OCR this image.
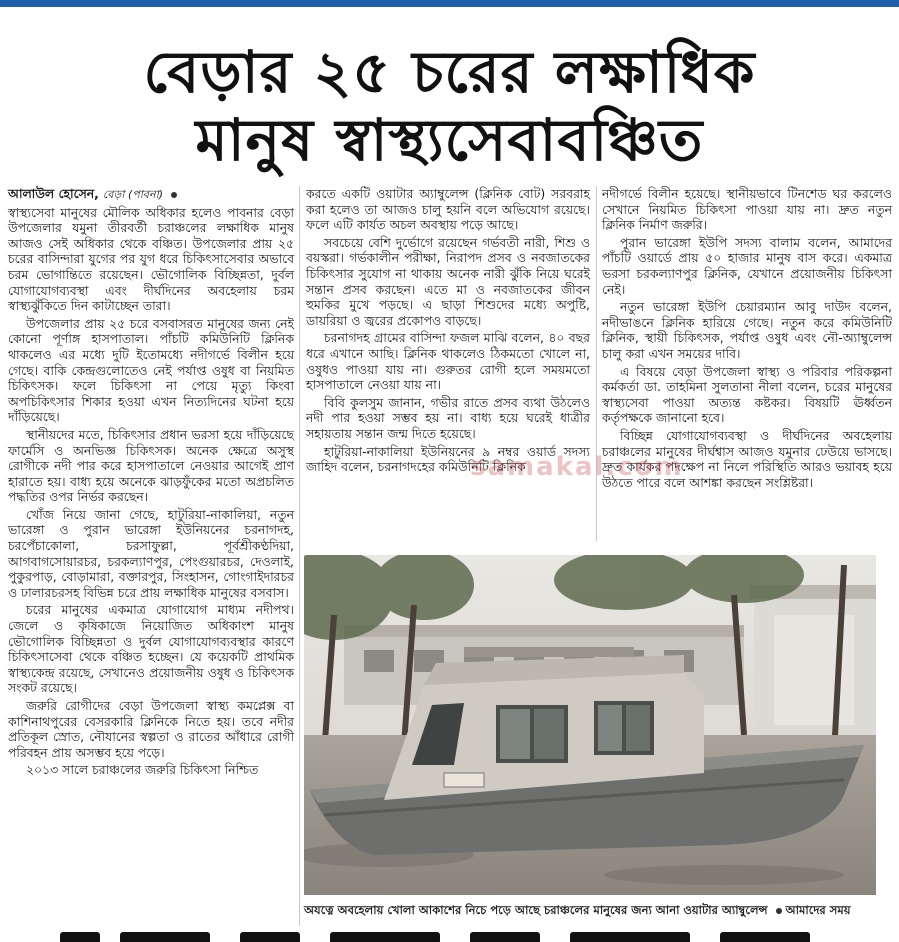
বেড়ার ২৫ চরের লক্ষাধিক
মানুষ স্বাস্থ্যসেবাবঞ্চিত

আলাউল হোসেন, বেড়া (পাবনা)

স্বাস্থ্যসেবা মানুষের মৌলিক অধিকার হলেও পাবনার বেড়া উপজেলার যমুনা তীরবর্তী চরাঞ্চলের লক্ষাধিক মানুষ আজও সেই অধিকার থেকে বঞ্চিত। উপজেলার প্রায় ২৫ চরের বাসিন্দারা যুগের পর যুগ ধরে চিকিৎসাসেবার অভাবে চরম ভোগান্তিতে রয়েছেন। ভৌগোলিক বিচ্ছিন্নতা, দুর্বল যোগাযোগব্যবস্থা এবং দীর্ঘদিনের অবহেলায় চরম স্বাস্থ্যঝুঁকিতে দিন কাটাচ্ছেন তারা।

উপজেলার প্রায় ২৫ চরে বসবাসরত মানুষের জন্য নেই কোনো পূর্ণাঙ্গ হাসপাতাল। পাঁচটি কমিউনিটি ক্লিনিক থাকলেও এর মধ্যে দুটি ইতোমধ্যে নদীগর্ভে বিলীন হয়ে গেছে। বাকি কেন্দ্রগুলোতেও নেই পর্যাপ্ত ওষুধ বা নিয়মিত চিকিৎসক। ফলে চিকিৎসা না পেয়ে মৃত্যু কিংবা অপচিকিৎসার শিকার হওয়া এখন নিত্যদিনের ঘটনা হয়ে দাঁড়িয়েছে।

স্থানীয়দের মতে, চিকিৎসার প্রধান ভরসা হয়ে দাঁড়িয়েছে ফার্মেসি ও অনভিজ্ঞ চিকিৎসক। অনেক ক্ষেত্রে অসুস্থ রোগীকে নদী পার করে হাসপাতালে নেওয়ার আগেই প্রাণ হারাতে হয়। বাধ্য হয়ে অনেকে ঝাড়ফুঁকের মতো অপ্রচলিত পদ্ধতির ওপর নির্ভর করছেন।

খোঁজ নিয়ে জানা গেছে, হাটুরিয়া-নাকালিয়া, নতুন ভারেঙ্গা ও পুরান ভারেঙ্গা ইউনিয়নের চরনাগদহ, চরপেঁচাকোলা, চরসাফুল্লা, পূর্বশ্রীকণ্ঠদিয়া, আগবাগসোয়ারচর, চরকল্যাণপুর, পেংগুয়ারচর, দেওলাই, পুকুরপাড়, বোড়ামারা, বক্তারপুর, সিংহাসন, গোংগাইদারচর ও ঢালারচরসহ বিভিন্ন চরে প্রায় লক্ষাধিক মানুষের বসবাস।

চরের মানুষের একমাত্র যোগাযোগ মাধ্যম নদীপথ। জেলে ও কৃষিকাজে নিয়োজিত অধিকাংশ মানুষ ভৌগোলিক বিচ্ছিন্নতা ও দুর্বল যোগাযোগব্যবস্থার কারণে চিকিৎসাসেবা থেকে বঞ্চিত হচ্ছেন। যে কয়েকটি প্রাথমিক স্বাস্থ্যকেন্দ্র রয়েছে, সেখানেও প্রয়োজনীয় ওষুধ ও চিকিৎসক সংকট রয়েছে।

জরুরি রোগীদের বেড়া উপজেলা স্বাস্থ্য কমপ্লেক্স বা কাশিনাথপুরের বেসরকারি ক্লিনিকে নিতে হয়। তবে নদীর প্রতিকূল স্রোত, নৌযানের স্বল্পতা ও রাতের আঁধারে রোগী পরিবহন প্রায় অসম্ভব হয়ে পড়ে।

২০১৩ সালে চরাঞ্চলের জরুরি চিকিৎসা নিশ্চিত

করতে একটি ওয়াটার অ্যাম্বুলেন্স (ক্লিনিক বোট) সরবরাহ করা হলেও তা আজও চালু হয়নি বলে অভিযোগ রয়েছে। ফলে এটি কার্যত অচল অবস্থায় পড়ে আছে।

সবচেয়ে বেশি দুর্ভোগে রয়েছেন গর্ভবতী নারী, শিশু ও বয়স্করা। গর্ভকালীন পরীক্ষা, নিরাপদ প্রসব ও নবজাতকের চিকিৎসার সুযোগ না থাকায় অনেক নারী ঝুঁকি নিয়ে ঘরেই সন্তান প্রসব করছেন। এতে মা ও নবজাতকের জীবন হুমকির মুখে পড়ছে। এ ছাড়া শিশুদের মধ্যে অপুষ্টি, ডায়রিয়া ও জ্বরের প্রকোপও বাড়ছে।

চরনাগদহ গ্রামের বাসিন্দা ফজল মাঝি বলেন, ৪০ বছর ধরে এখানে আছি। ক্লিনিক থাকলেও ঠিকমতো খোলে না, ওষুধও পাওয়া যায় না। গুরুতর রোগী হলে সময়মতো হাসপাতালে নেওয়া যায় না।

বিবি কুলসুম জানান, গভীর রাতে প্রসব ব্যথা উঠলেও নদী পার হওয়া সম্ভব হয় না। বাধ্য হয়ে ঘরেই ধাত্রীর সহায়তায় সন্তান জন্ম দিতে হয়েছে।

হাটুরিয়া-নাকালিয়া ইউনিয়নের ৯ নম্বর ওয়ার্ড সদস্য জাহিদ বলেন, চরনাগদহের কমিউনিটি ক্লিনিক

নদীগর্ভে বিলীন হয়েছে। স্থানীয়ভাবে টিনশেড ঘর করলেও সেখানে নিয়মিত চিকিৎসা পাওয়া যায় না। দ্রুত নতুন ক্লিনিক নির্মাণ জরুরি।

পুরান ভারেঙ্গা ইউপি সদস্য বালাম বলেন, আমাদের পাঁচটি ওয়ার্ডে প্রায় ৫০ হাজার মানুষ বাস করে। একমাত্র ভরসা চরকল্যাণপুর ক্লিনিক, যেখানে প্রয়োজনীয় চিকিৎসা নেই।

নতুন ভারেঙ্গা ইউপি চেয়ারম্যান আবু দাউদ বলেন, নদীভাঙনে ক্লিনিক হারিয়ে গেছে। নতুন করে কমিউনিটি ক্লিনিক, স্থায়ী চিকিৎসক, পর্যাপ্ত ওষুধ এবং নৌ-অ্যাম্বুলেন্স চালু করা এখন সময়ের দাবি।

এ বিষয়ে বেড়া উপজেলা স্বাস্থ্য ও পরিবার পরিকল্পনা কর্মকর্তা ডা. তাহমিনা সুলতানা নীলা বলেন, চরের মানুষের স্বাস্থ্যসেবা পাওয়া অত্যন্ত কষ্টকর। বিষয়টি ঊর্ধ্বতন কর্তৃপক্ষকে জানানো হবে।

বিচ্ছিন্ন যোগাযোগব্যবস্থা ও দীর্ঘদিনের অবহেলায় চরাঞ্চলের মানুষের দীর্ঘশ্বাস আজও যমুনার ঢেউয়ে ভাসছে। দ্রুত কার্যকর পদক্ষেপ না নিলে পরিস্থিতি আরও ভয়াবহ হয়ে উঠতে পারে বলে আশঙ্কা করছেন সংশ্লিষ্টরা।

samakal.com
অযত্নে অবহেলায় খোলা আকাশের নিচে পড়ে আছে চরাঞ্চলের মানুষের জন্য আনা ওয়াটার অ্যাম্বুলেন্স আমাদের সময়
